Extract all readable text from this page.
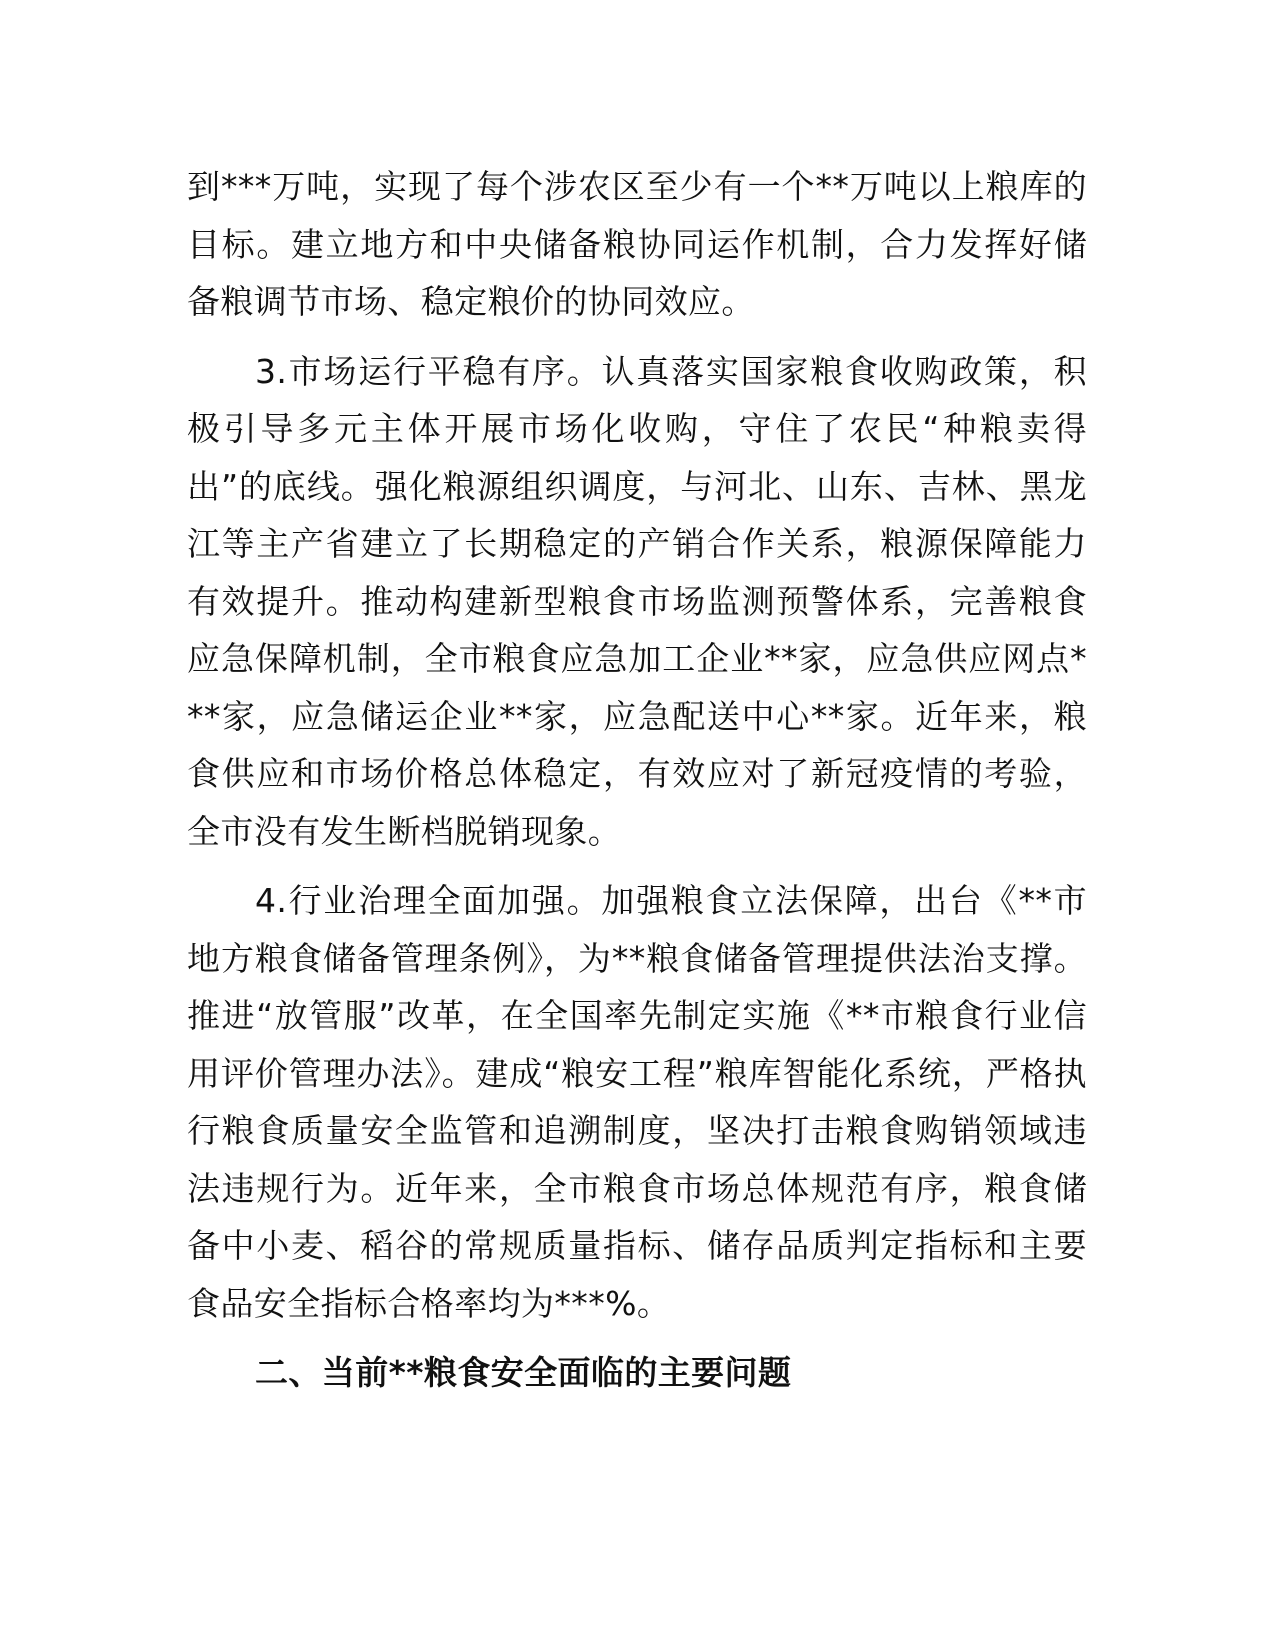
到***万吨，实现了每个涉农区至少有一个**万吨以上粮库的目标。建立地方和中央储备粮协同运作机制，合力发挥好储备粮调节市场、稳定粮价的协同效应。

3.市场运行平稳有序。认真落实国家粮食收购政策，积极引导多元主体开展市场化收购，守住了农民“种粮卖得出”的底线。强化粮源组织调度，与河北、山东、吉林、黑龙江等主产省建立了长期稳定的产销合作关系，粮源保障能力有效提升。推动构建新型粮食市场监测预警体系，完善粮食应急保障机制，全市粮食应急加工企业**家，应急供应网点***家，应急储运企业**家，应急配送中心**家。近年来，粮食供应和市场价格总体稳定，有效应对了新冠疫情的考验，全市没有发生断档脱销现象。

4.行业治理全面加强。加强粮食立法保障，出台《**市地方粮食储备管理条例》，为**粮食储备管理提供法治支撑。推进“放管服”改革，在全国率先制定实施《**市粮食行业信用评价管理办法》。建成“粮安工程”粮库智能化系统，严格执行粮食质量安全监管和追溯制度，坚决打击粮食购销领域违法违规行为。近年来，全市粮食市场总体规范有序，粮食储备中小麦、稻谷的常规质量指标、储存品质判定指标和主要食品安全指标合格率均为***%。

二、当前**粮食安全面临的主要问题
